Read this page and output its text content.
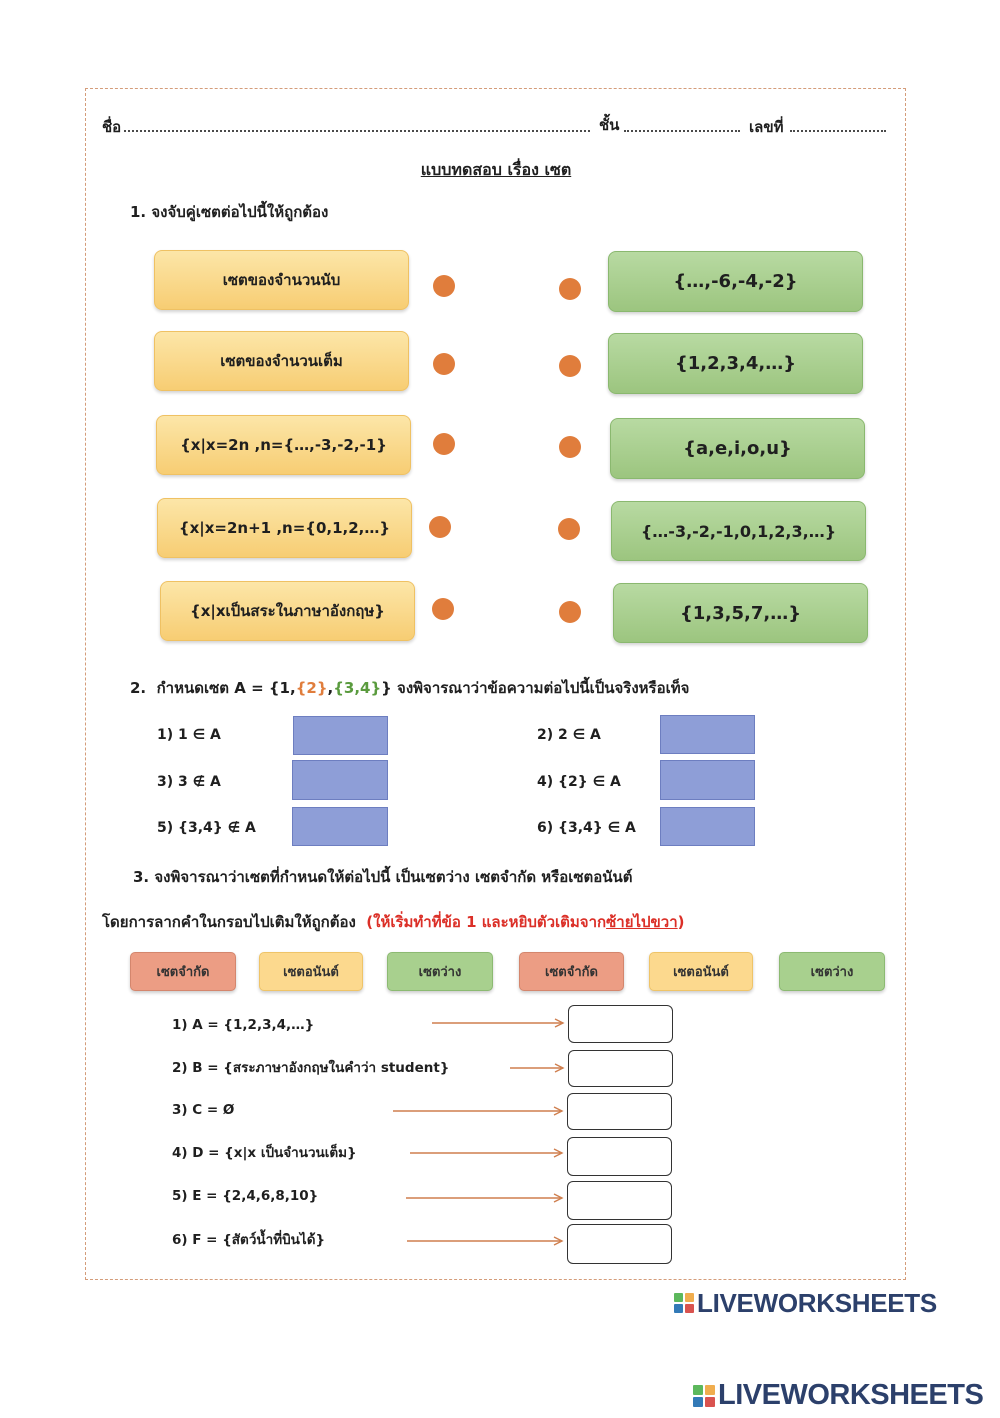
ชื่อ	ชั้น	เลขที่
แบบทดสอบ เรื่อง เซต
1. จงจับคู่เซตต่อไปนี้ให้ถูกต้อง
เซตของจำนวนนับ
เซตของจำนวนเต็ม
{x|x=2n ,n={…,-3,-2,-1}
{x|x=2n+1 ,n={0,1,2,…}
{x|xเป็นสระในภาษาอังกฤษ}
{…,-6,-4,-2}
{1,2,3,4,…}
{a,e,i,o,u}
{…-3,-2,-1,0,1,2,3,…}
{1,3,5,7,…}
2. กำหนดเซต A = {1,{2},{3,4}} จงพิจารณาว่าข้อความต่อไปนี้เป็นจริงหรือเท็จ
1) 1 ∈ A	2) 2 ∈ A
3) 3 ∉ A	4) {2} ∈ A
5) {3,4} ∉ A	6) {3,4} ∈ A
3. จงพิจารณาว่าเซตที่กำหนดให้ต่อไปนี้ เป็นเซตว่าง เซตจำกัด หรือเซตอนันต์
โดยการลากคำในกรอบไปเติมให้ถูกต้อง (ให้เริ่มทำที่ข้อ 1 และหยิบตัวเติมจากซ้ายไปขวา)
เซตจำกัด	เซตอนันต์	เซตว่าง	เซตจำกัด	เซตอนันต์	เซตว่าง
1) A = {1,2,3,4,…}
2) B = {สระภาษาอังกฤษในคำว่า student}
3) C = Ø
4) D = {x|x เป็นจำนวนเต็ม}
5) E = {2,4,6,8,10}
6) F = {สัตว์น้ำที่บินได้}
LIVEWORKSHEETS
LIVEWORKSHEETS
